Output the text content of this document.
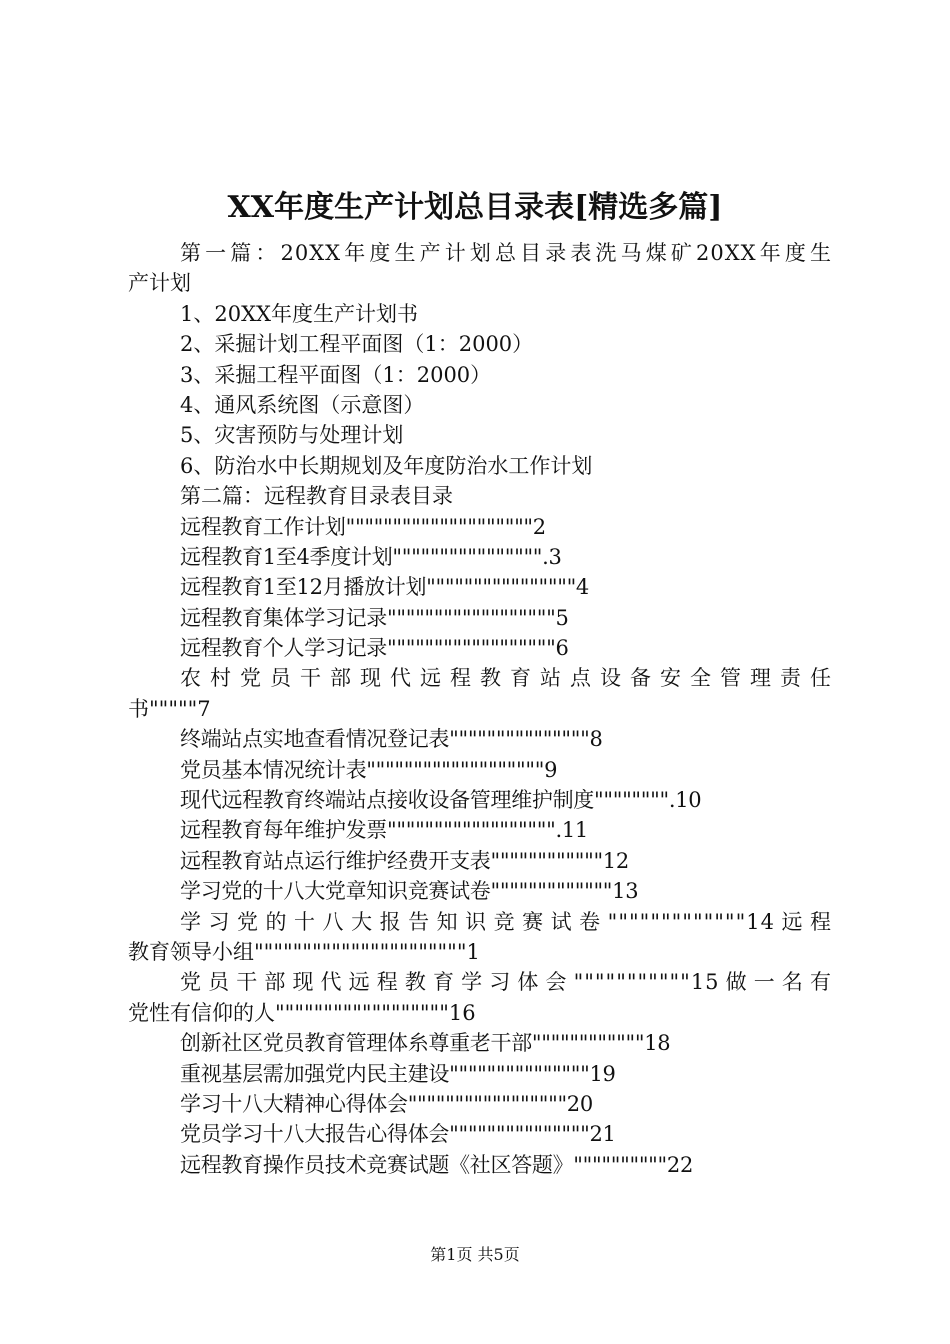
XX年度生产计划总目录表[精选多篇]
第一篇：20XX年度生产计划总目录表洗马煤矿20XX年度生
产计划
1、20XX年度生产计划书
2、采掘计划工程平面图（1：2000）
3、采掘工程平面图（1：2000）
4、通风系统图（示意图）
5、灾害预防与处理计划
6、防治水中长期规划及年度防治水工作计划
第二篇：远程教育目录表目录
远程教育工作计划""""""""""""""""""""2
远程教育1至4季度计划"""""""""""""""".3
远程教育1至12月播放计划""""""""""""""""4
远程教育集体学习记录""""""""""""""""""5
远程教育个人学习记录""""""""""""""""""6
农村党员干部现代远程教育站点设备安全管理责任
书"""""7
终端站点实地查看情况登记表"""""""""""""""8
党员基本情况统计表"""""""""""""""""""9
现代远程教育终端站点接收设备管理维护制度"""""""".10
远程教育每年维护发票"""""""""""""""""".11
远程教育站点运行维护经费开支表""""""""""""12
学习党的十八大党章知识竞赛试卷"""""""""""""13
学习党的十八大报告知识竞赛试卷"""""""""""""14远程
教育领导小组""""""""""""""""""""""1
党员干部现代远程教育学习体会"""""""""""15做一名有
党性有信仰的人""""""""""""""""""16
创新社区党员教育管理体糸尊重老干部""""""""""""18
重视基层需加强党内民主建设"""""""""""""""19
学习十八大精神心得体会"""""""""""""""""20
党员学习十八大报告心得体会"""""""""""""""21
远程教育操作员技术竞赛试题《社区答题》""""""""""22
第1页 共5页
